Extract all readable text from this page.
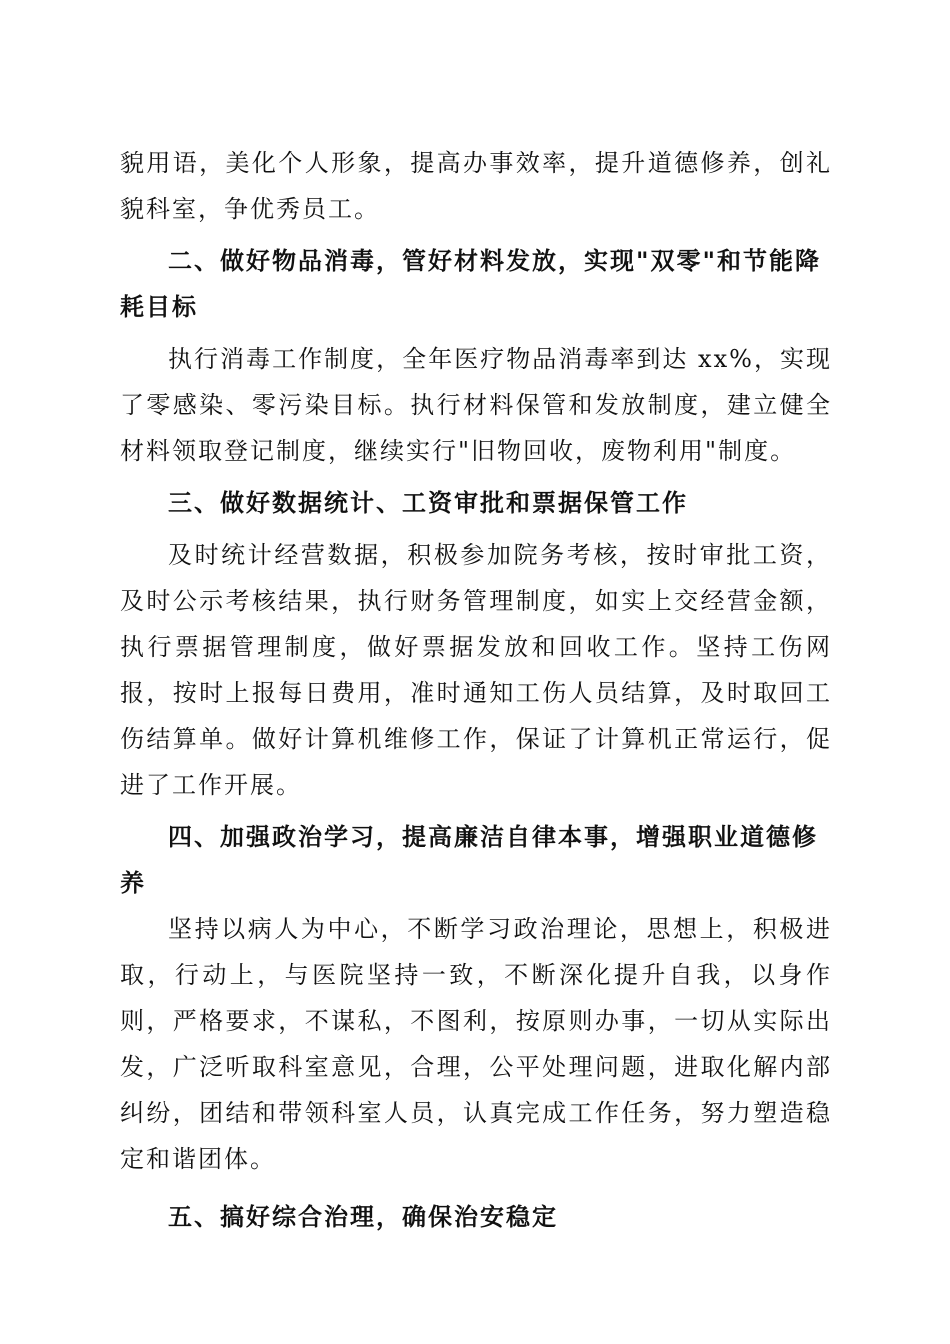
貌用语，美化个人形象，提高办事效率，提升道德修养，创礼貌科室，争优秀员工。

二、做好物品消毒，管好材料发放，实现"双零"和节能降耗目标

执行消毒工作制度，全年医疗物品消毒率到达 xx%，实现了零感染、零污染目标。执行材料保管和发放制度，建立健全材料领取登记制度，继续实行"旧物回收，废物利用"制度。

三、做好数据统计、工资审批和票据保管工作

及时统计经营数据，积极参加院务考核，按时审批工资，及时公示考核结果，执行财务管理制度，如实上交经营金额，执行票据管理制度，做好票据发放和回收工作。坚持工伤网报，按时上报每日费用，准时通知工伤人员结算，及时取回工伤结算单。做好计算机维修工作，保证了计算机正常运行，促进了工作开展。

四、加强政治学习，提高廉洁自律本事，增强职业道德修养

坚持以病人为中心，不断学习政治理论，思想上，积极进取，行动上，与医院坚持一致，不断深化提升自我，以身作则，严格要求，不谋私，不图利，按原则办事，一切从实际出发，广泛听取科室意见，合理，公平处理问题，进取化解内部纠纷，团结和带领科室人员，认真完成工作任务，努力塑造稳定和谐团体。

五、搞好综合治理，确保治安稳定
